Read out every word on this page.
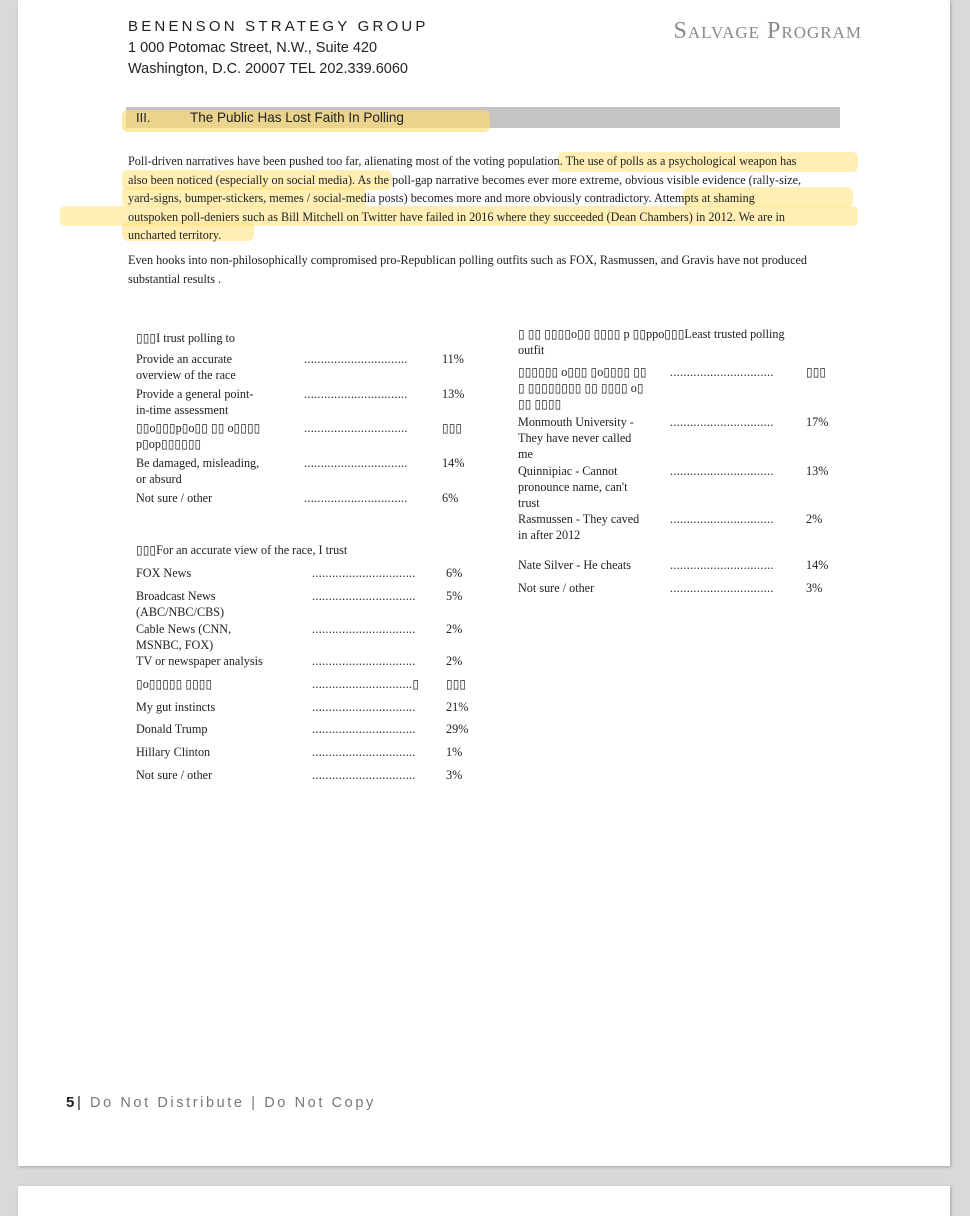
BENENSON STRATEGY GROUP
1 000 Potomac Street, N.W., Suite 420
Washington, D.C. 20007 TEL 202.339.6060
Salvage Program
III.	The Public Has Lost Faith In Polling
Poll-driven narratives have been pushed too far, alienating most of the voting population. The use of polls as a psychological weapon has
also been noticed (especially on social media). As the poll-gap narrative becomes ever more extreme, obvious visible evidence (rally-size,
yard-signs, bumper-stickers, memes / social-media posts) becomes more and more obviously contradictory. Attempts at shaming
outspoken poll-deniers such as Bill Mitchell on Twitter have failed in 2016 where they succeeded (Dean Chambers) in 2012. We are in
uncharted territory.
Even hooks into non-philosophically compromised pro-Republican polling outfits such as FOX, Rasmussen, and Gravis have not produced
substantial results .
▯▯▯I trust polling to
Provide an accurate
overview of the race
...............................	11%
Provide a general point-
in-time assessment
...............................	13%
▯▯o▯▯▯p▯o▯▯ ▯▯ o▯▯▯▯
p▯op▯▯▯▯▯▯
...............................	▯▯▯
Be damaged, misleading,
or absurd
...............................	14%
Not sure / other	...............................	6%
▯▯▯For an accurate view of the race, I trust
FOX News	............................... 6%
Broadcast News
(ABC/NBC/CBS)
............................... 5%
Cable News (CNN,
MSNBC, FOX)
............................... 2%
TV or newspaper analysis	............................... 2%
▯o▯▯▯▯▯ ▯▯▯▯	..............................▯ ▯▯▯
My gut instincts	............................... 21%
Donald Trump	............................... 29%
Hillary Clinton	............................... 1%
Not sure / other	............................... 3%
▯ ▯▯ ▯▯▯▯o▯▯ ▯▯▯▯ p ▯▯ppo▯▯▯Least trusted polling
outfit
▯▯▯▯▯▯ o▯▯▯ ▯o▯▯▯▯ ▯▯
▯ ▯▯▯▯▯▯▯▯ ▯▯ ▯▯▯▯ o▯
▯▯ ▯▯▯▯
...............................	▯▯▯
Monmouth University -
They have never called
me
...............................	17%
Quinnipiac - Cannot
pronounce name, can't
trust
...............................	13%
Rasmussen - They caved
in after 2012
...............................	2%
Nate Silver - He cheats	...............................	14%
Not sure / other	...............................	3%
5 | Do Not Distribute | Do Not Copy
